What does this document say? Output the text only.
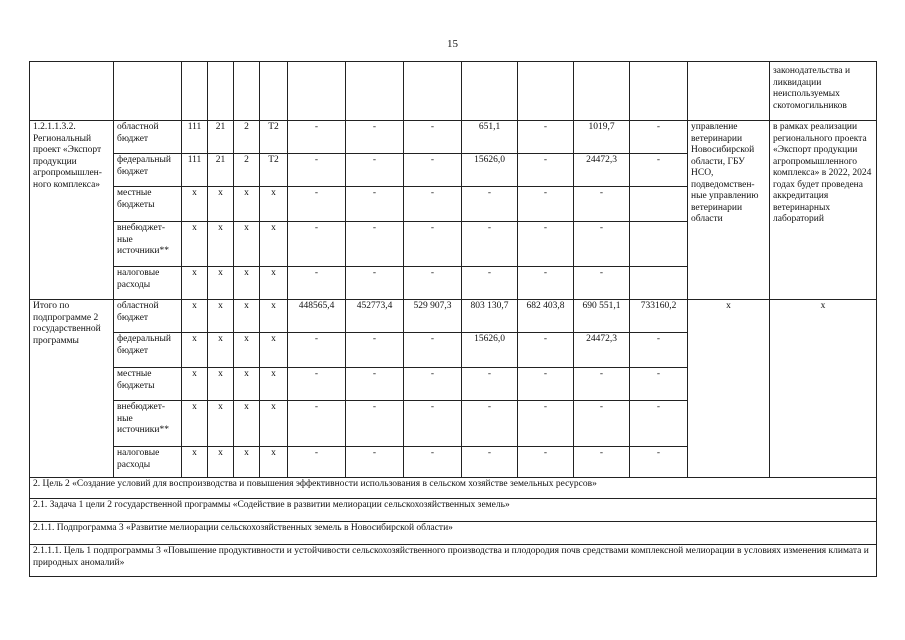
15
														законодательства и ликвидации неиспользуемых скотомогильников
1.2.1.1.3.2. Региональный проект «Экспорт продукции агропромышлен-ного комплекса»	областной бюджет	111	21	2	Т2	-	-	-	651,1	-	1019,7	-	управление ветеринарии Новосибирской области, ГБУ НСО, подведомствен-ные управлению ветеринарии области	в рамках реализации регионального проекта «Экспорт продукции агропромышленного комплекса» в 2022, 2024 годах будет проведена аккредитация ветеринарных лабораторий
	федеральный бюджет	111	21	2	Т2	-	-	-	15626,0	-	24472,3	-		
	местные бюджеты	x	x	x	x	-	-	-	-	-	-			
	внебюджет-ные источники**	x	x	x	x	-	-	-	-	-	-			
	налоговые расходы	x	x	x	x	-	-	-	-	-	-			
Итого по подпрограмме 2 государственной программы	областной бюджет	x	x	x	x	448565,4	452773,4	529 907,3	803 130,7	682 403,8	690 551,1	733160,2	x	x
	федеральный бюджет	x	x	x	x	-	-	-	15626,0	-	24472,3	-		
	местные бюджеты	x	x	x	x	-	-	-	-	-	-	-		
	внебюджет-ные источники**	x	x	x	x	-	-	-	-	-	-	-		
	налоговые расходы	x	x	x	x	-	-	-	-	-	-	-		
2. Цель 2 «Создание условий для воспроизводства и повышения эффективности использования в сельском хозяйстве земельных ресурсов»														
2.1. Задача 1 цели 2 государственной программы «Содействие в развитии мелиорации сельскохозяйственных земель»														
2.1.1. Подпрограмма 3 «Развитие мелиорации сельскохозяйственных земель в Новосибирской области»														
2.1.1.1. Цель 1 подпрограммы 3 «Повышение продуктивности и устойчивости сельскохозяйственного производства и плодородия почв средствами комплексной мелиорации в условиях изменения климата и природных аномалий»														
